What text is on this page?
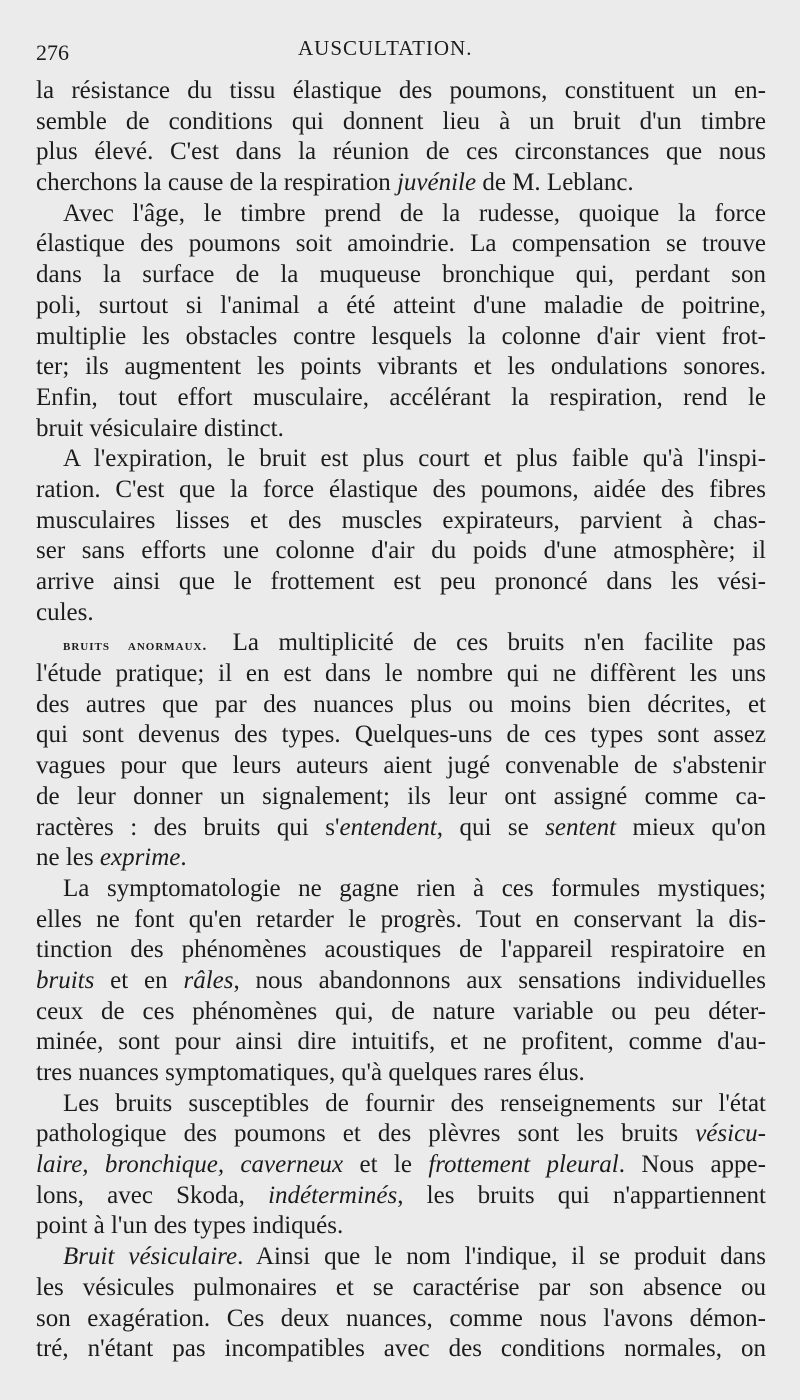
276	AUSCULTATION.
la résistance du tissu élastique des poumons, constituent un en-
semble de conditions qui donnent lieu à un bruit d'un timbre
plus élevé. C'est dans la réunion de ces circonstances que nous
cherchons la cause de la respiration juvénile de M. Leblanc.
Avec l'âge, le timbre prend de la rudesse, quoique la force
élastique des poumons soit amoindrie. La compensation se trouve
dans la surface de la muqueuse bronchique qui, perdant son
poli, surtout si l'animal a été atteint d'une maladie de poitrine,
multiplie les obstacles contre lesquels la colonne d'air vient frot-
ter; ils augmentent les points vibrants et les ondulations sonores.
Enfin, tout effort musculaire, accélérant la respiration, rend le
bruit vésiculaire distinct.
A l'expiration, le bruit est plus court et plus faible qu'à l'inspi-
ration. C'est que la force élastique des poumons, aidée des fibres
musculaires lisses et des muscles expirateurs, parvient à chas-
ser sans efforts une colonne d'air du poids d'une atmosphère; il
arrive ainsi que le frottement est peu prononcé dans les vési-
cules.
bruits anormaux. La multiplicité de ces bruits n'en facilite pas
l'étude pratique; il en est dans le nombre qui ne diffèrent les uns
des autres que par des nuances plus ou moins bien décrites, et
qui sont devenus des types. Quelques-uns de ces types sont assez
vagues pour que leurs auteurs aient jugé convenable de s'abstenir
de leur donner un signalement; ils leur ont assigné comme ca-
ractères : des bruits qui s'entendent, qui se sentent mieux qu'on
ne les exprime.
La symptomatologie ne gagne rien à ces formules mystiques;
elles ne font qu'en retarder le progrès. Tout en conservant la dis-
tinction des phénomènes acoustiques de l'appareil respiratoire en
bruits et en râles, nous abandonnons aux sensations individuelles
ceux de ces phénomènes qui, de nature variable ou peu déter-
minée, sont pour ainsi dire intuitifs, et ne profitent, comme d'au-
tres nuances symptomatiques, qu'à quelques rares élus.
Les bruits susceptibles de fournir des renseignements sur l'état
pathologique des poumons et des plèvres sont les bruits vésicu-
laire, bronchique, caverneux et le frottement pleural. Nous appe-
lons, avec Skoda, indéterminés, les bruits qui n'appartiennent
point à l'un des types indiqués.
Bruit vésiculaire. Ainsi que le nom l'indique, il se produit dans
les vésicules pulmonaires et se caractérise par son absence ou
son exagération. Ces deux nuances, comme nous l'avons démon-
tré, n'étant pas incompatibles avec des conditions normales, on
